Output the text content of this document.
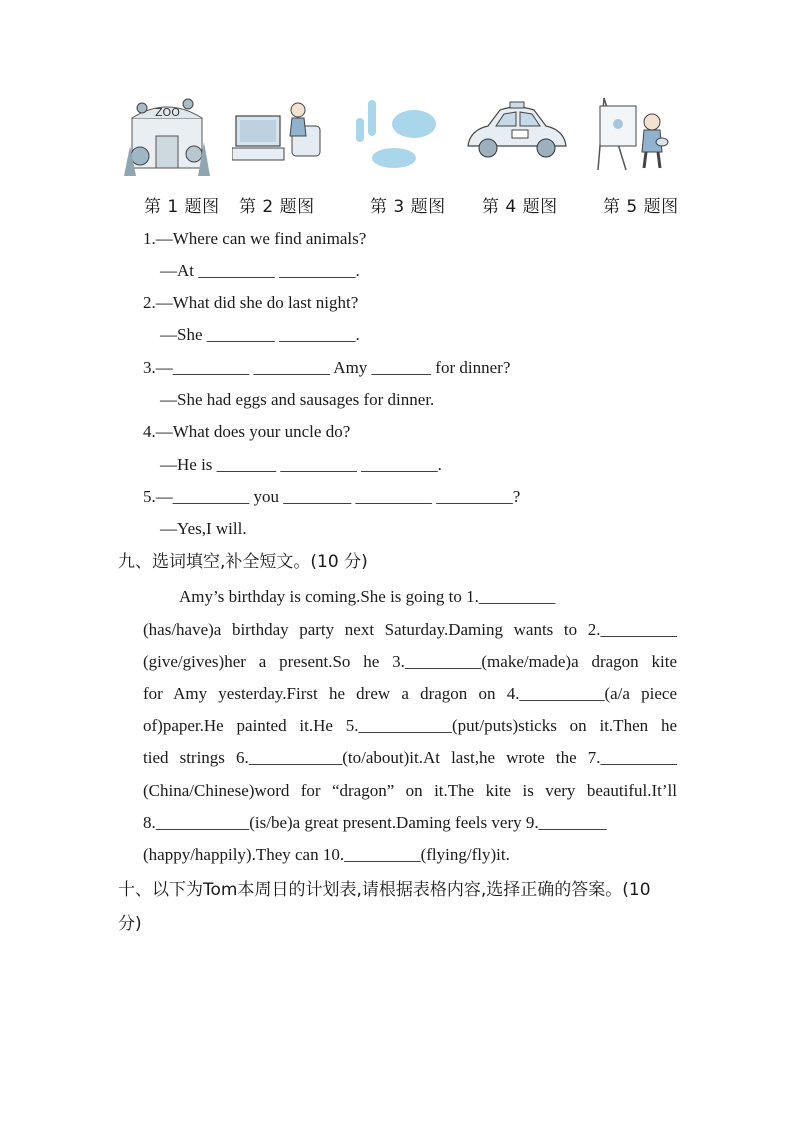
ZOO
第 1 题图 第 2 题图	第 3 题图 第 4 题图	第 5 题图
1.—Where can we find animals?
—At _________ _________.
2.—What did she do last night?
—She ________ _________.
3.—_________ _________ Amy _______ for dinner?
—She had eggs and sausages for dinner.
4.—What does your uncle do?
—He is _______ _________ _________.
5.—_________ you ________ _________ _________?
—Yes,I will.
九、选词填空,补全短文。(10 分)
Amy’s birthday is coming.She is going to 1._________
(has/have)a birthday party next Saturday.Daming wants to 2._________
(give/gives)her a present.So he 3._________(make/made)a dragon kite
for Amy yesterday.First he drew a dragon on 4.__________(a/a piece
of)paper.He painted it.He 5.___________(put/puts)sticks on it.Then he
tied strings 6.___________(to/about)it.At last,he wrote the 7._________
(China/Chinese)word for “dragon” on it.The kite is very beautiful.It’ll
8.___________(is/be)a great present.Daming feels very 9.________
(happy/happily).They can 10._________(flying/fly)it.
十、以下为Tom本周日的计划表,请根据表格内容,选择正确的答案。(10
分)
